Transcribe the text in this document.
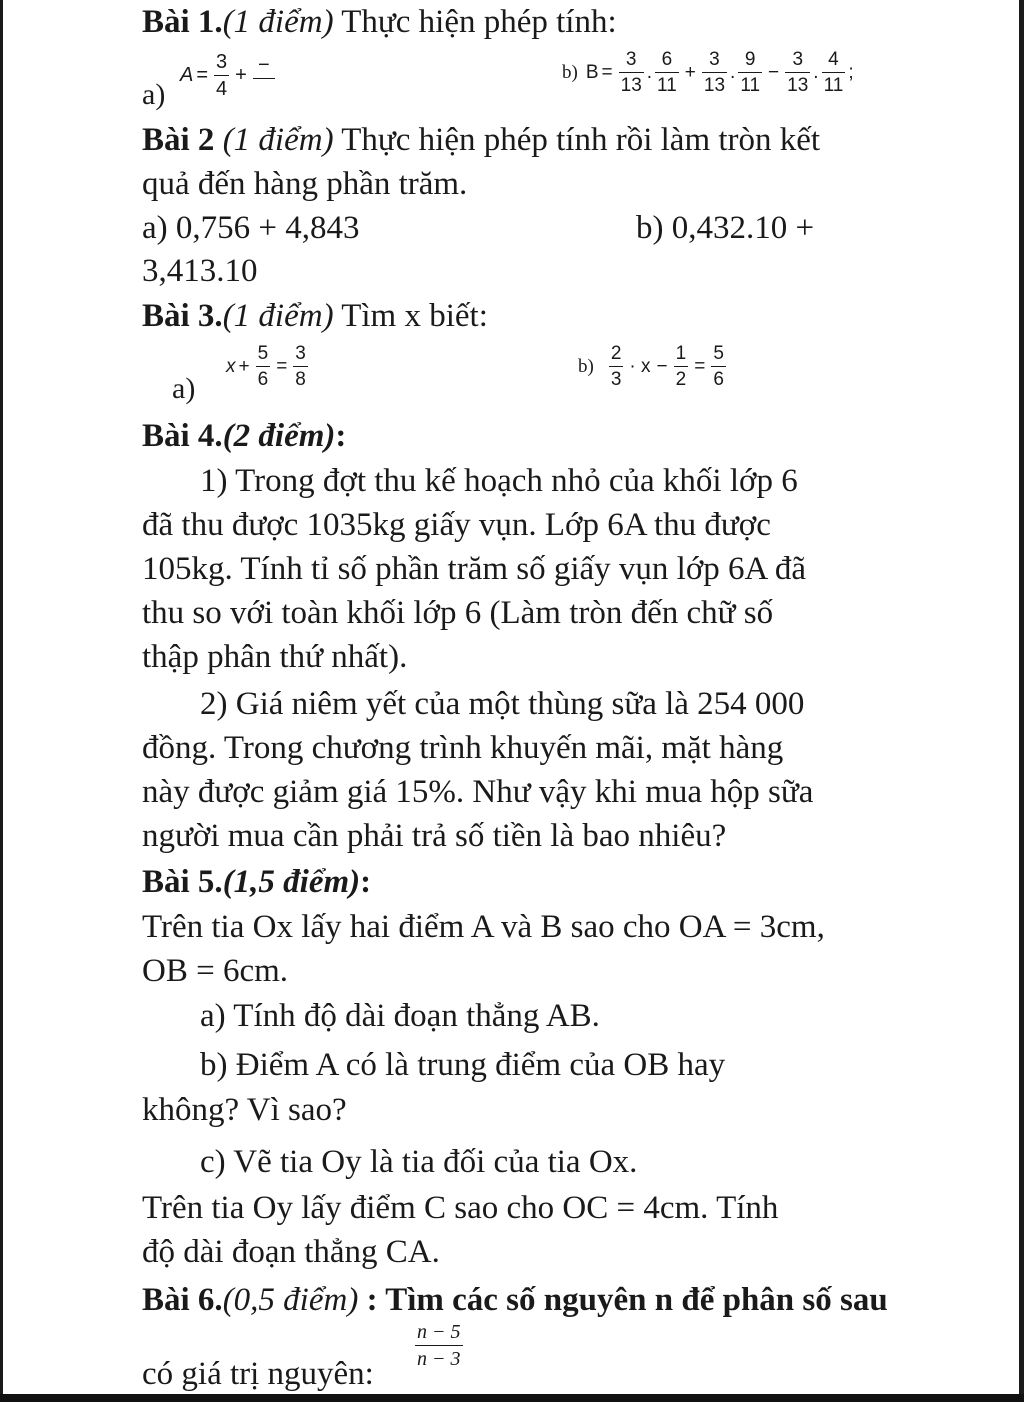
Bài 1.(1 điểm) Thực hiện phép tính:
a)
$A = \frac{3}{4}$ + −	b) $B = \frac{3}{13}$ . $\frac{6}{11} + \frac{3}{13}$ . $\frac{9}{11} - \frac{3}{13}$ . $\frac{4}{11}$ ;
Bài 2 (1 điểm) Thực hiện phép tính rồi làm tròn kết
quả đến hàng phần trăm.
a) 0,756 + 4,843	b) 0,432.10 +
3,413.10
Bài 3.(1 điểm) Tìm x biết:
a)
$x + \frac{5}{6} = \frac{3}{8}$	$b) \frac{2}{3} \cdot x - \frac{1}{2} = \frac{5}{6}$
Bài 4.(2 điểm):
1) Trong đợt thu kế hoạch nhỏ của khối lớp 6
đã thu được 1035kg giấy vụn. Lớp 6A thu được
105kg. Tính tỉ số phần trăm số giấy vụn lớp 6A đã
thu so với toàn khối lớp 6 (Làm tròn đến chữ số
thập phân thứ nhất).
2) Giá niêm yết của một thùng sữa là 254 000
đồng. Trong chương trình khuyến mãi, mặt hàng
này được giảm giá 15%. Như vậy khi mua hộp sữa
người mua cần phải trả số tiền là bao nhiêu?
Bài 5.(1,5 điểm):
Trên tia Ox lấy hai điểm A và B sao cho OA = 3cm,
OB = 6cm.
a) Tính độ dài đoạn thẳng AB.
b) Điểm A có là trung điểm của OB hay
không? Vì sao?
c) Vẽ tia Oy là tia đối của tia Ox.
Trên tia Oy lấy điểm C sao cho OC = 4cm. Tính
độ dài đoạn thẳng CA.
Bài 6.(0,5 điểm) : Tìm các số nguyên n để phân số sau
có giá trị nguyên:
$\frac{n - 5}{n - 3}$
